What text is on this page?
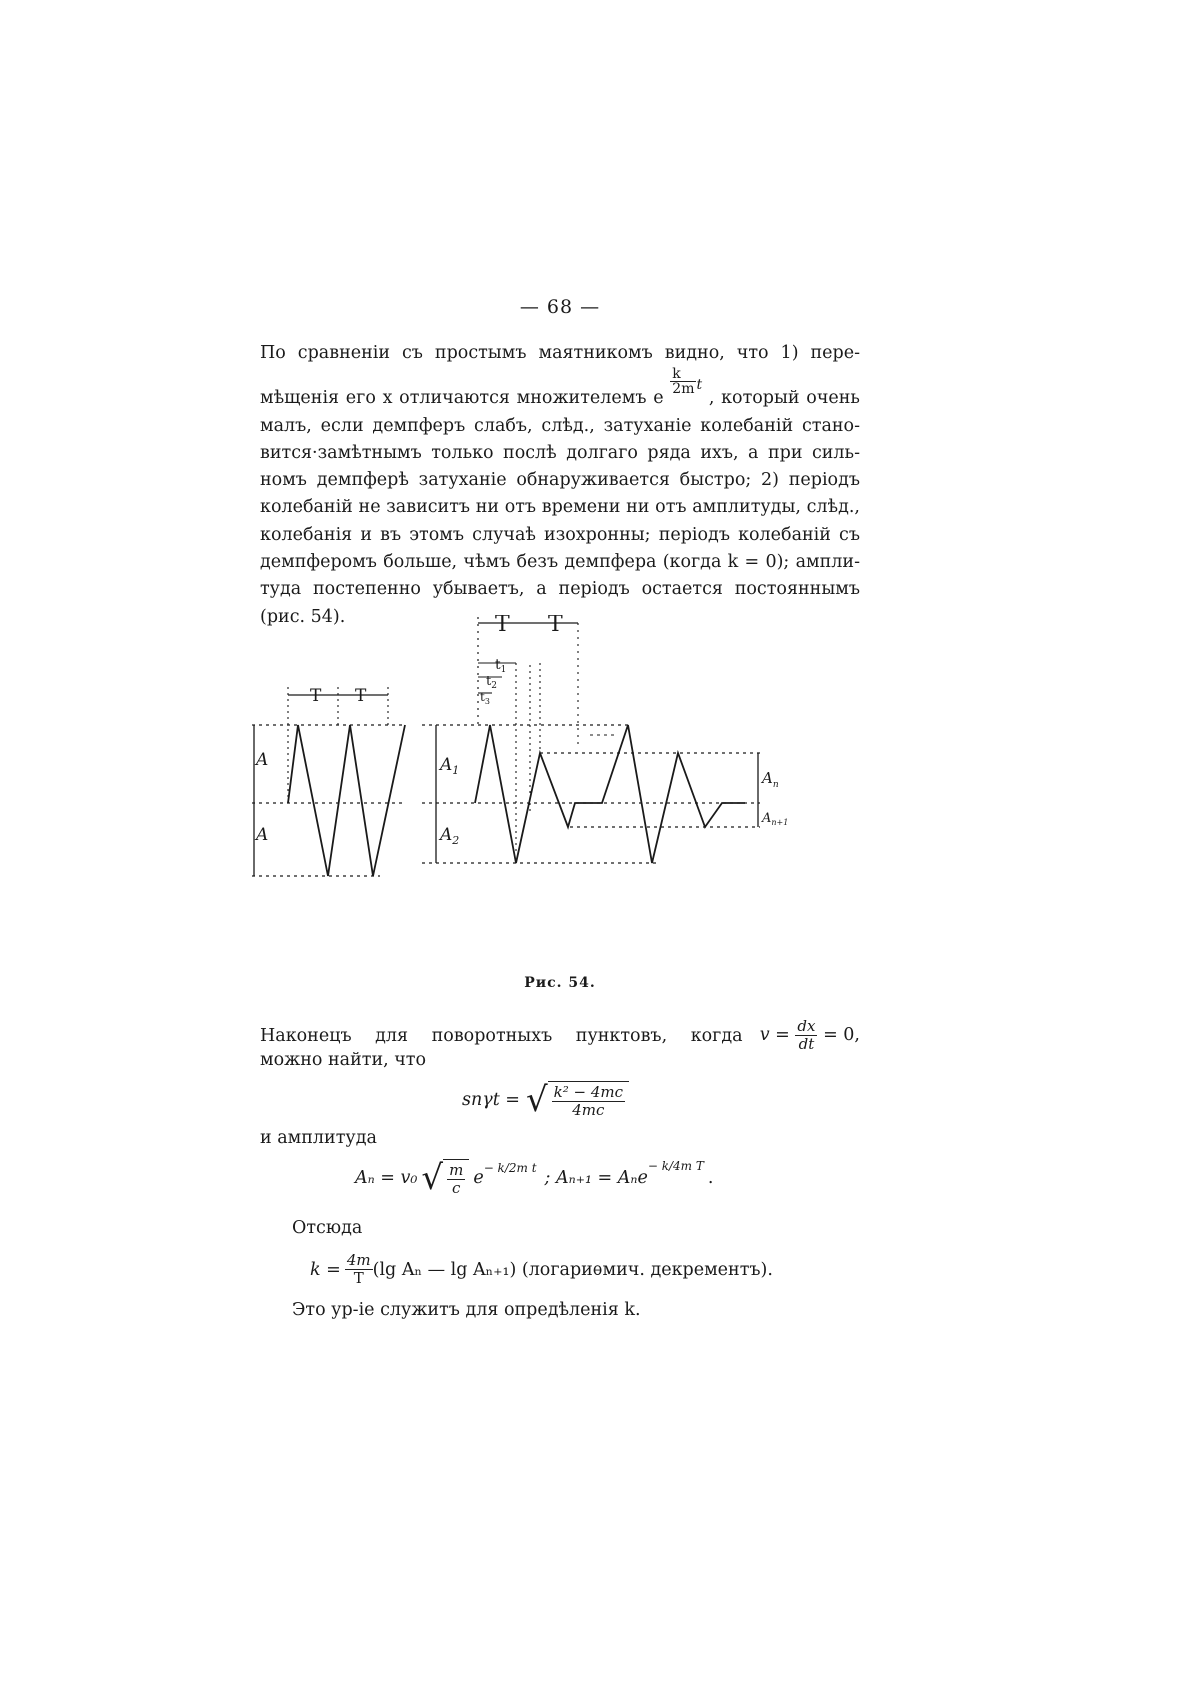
— 68 —
По сравненіи съ простымъ маятникомъ видно, что 1) пере-
мѣщенія его x отличаются множителемъ e
$\frac{k}{2m} ^t$ , который очень
малъ, если демпферъ слабъ, слѣд., затуханіе колебаній стано-
вится·замѣтнымъ только послѣ долгаго ряда ихъ, а при силь-
номъ демпферѣ затуханіе обнаруживается быстро; 2) періодъ
колебаній не зависитъ ни отъ времени ни отъ амплитуды, слѣд.,
колебанія и въ этомъ случаѣ изохронны; періодъ колебаній съ
демпферомъ больше, чѣмъ безъ демпфера (когда k = 0); ампли-
туда постепенно убываетъ, а періодъ остается постояннымъ
(рис. 54).
T T
A
A
T T
$t_1$
$t_2$
$t_3$
$A_1$
$A_2$
$A_n$
$A_{n+1}$
Рис. 54.
Наконецъ для поворотныхъ пунктовъ, когда $v = \frac{dx}{dt} = 0$,
можно найти, что
snγt = √ $\frac{\text{k² − 4mc}}{4mc}$
и амплитуда
Aₙ = v₀ √ $\frac{m}{c}$ e − k/2m t ; Aₙ₊₁ = Aₙe
− k/4m T
.
Отсюда
$k = \frac{4m}{T} (\lg$ Aₙ — lg Aₙ₊₁) (логариѳмич. декрементъ).
Это ур-іе служитъ для опредѣленія k.
